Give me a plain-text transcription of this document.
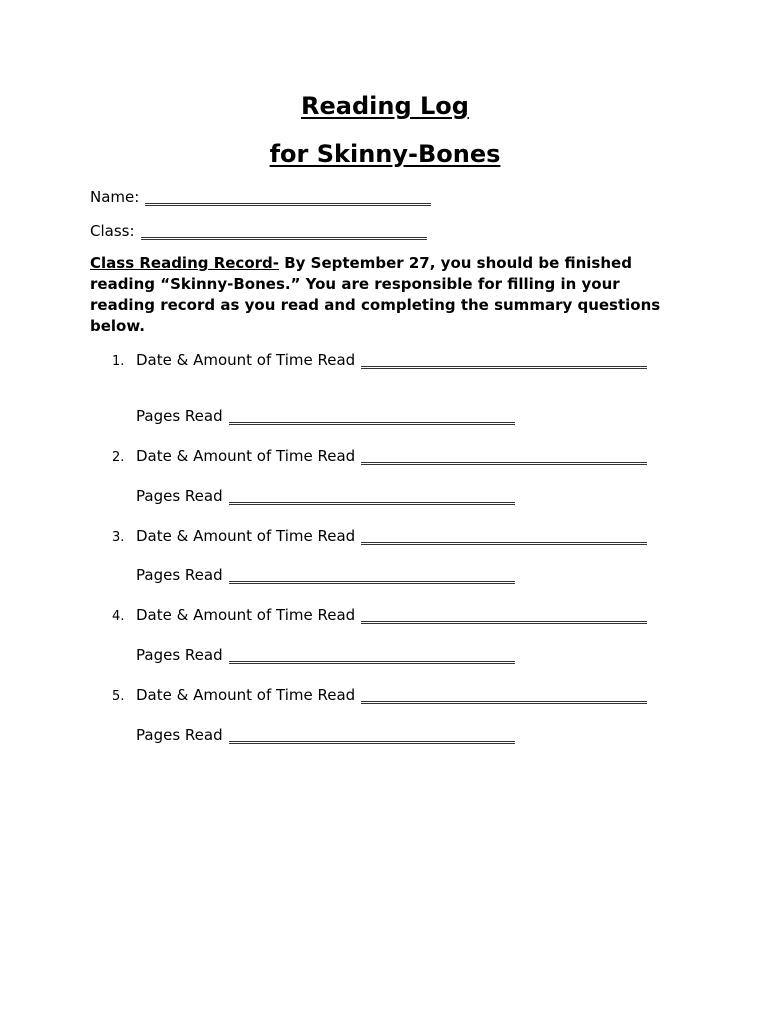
Reading Log
for Skinny-Bones
Name:
Class:
Class Reading Record- By September 27, you should be finished reading “Skinny-Bones.” You are responsible for filling in your reading record as you read and completing the summary questions below.
1. Date & Amount of Time Read
Pages Read
2. Date & Amount of Time Read
Pages Read
3. Date & Amount of Time Read
Pages Read
4. Date & Amount of Time Read
Pages Read
5. Date & Amount of Time Read
Pages Read
